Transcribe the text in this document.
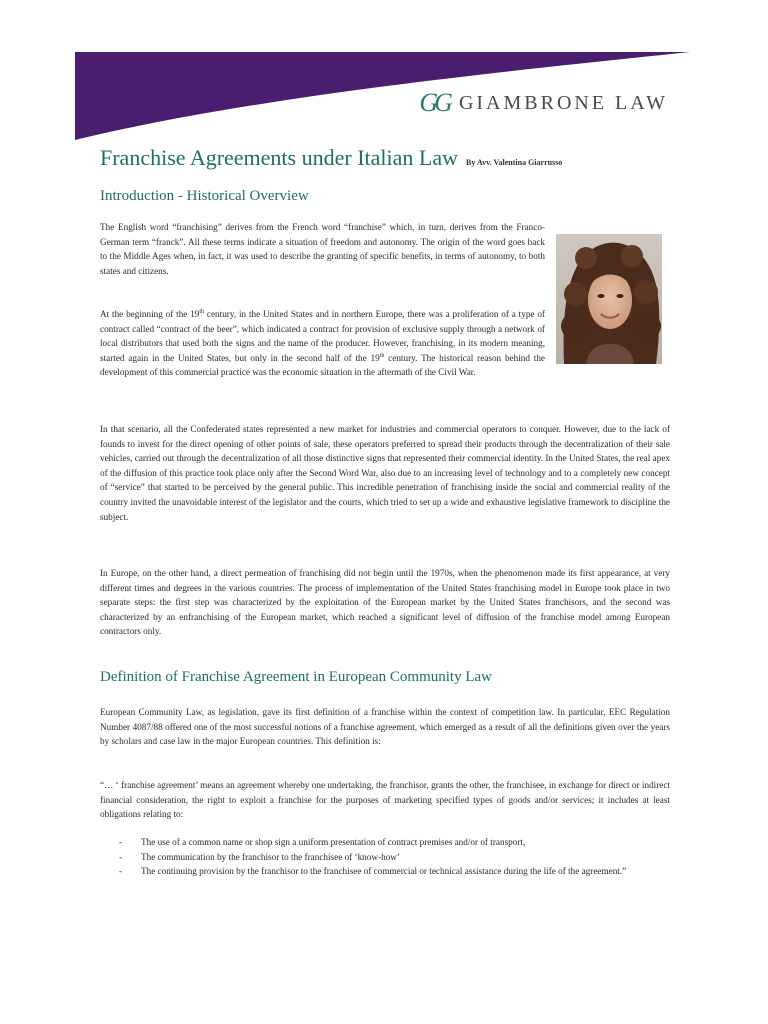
GG GIAMBRONE LAW
Franchise Agreements under Italian Law By Avv. Valentina Giarrusso
Introduction - Historical Overview

The English word “franchising” derives from the French word “franchise” which, in turn, derives from the Franco-German term “franck”. All these terms indicate a situation of freedom and autonomy. The origin of the word goes back to the Middle Ages when, in fact, it was used to describe the granting of specific benefits, in terms of autonomy, to both states and citizens.

At the beginning of the 19th century, in the United States and in northern Europe, there was a proliferation of a type of contract called “contract of the beer”, which indicated a contract for provision of exclusive supply through a network of local distributors that used both the signs and the name of the producer. However, franchising, in its modern meaning, started again in the United States, but only in the second half of the 19th century. The historical reason behind the development of this commercial practice was the economic situation in the aftermath of the Civil War.

In that scenario, all the Confederated states represented a new market for industries and commercial operators to conquer. However, due to the lack of founds to invest for the direct opening of other points of sale, these operators preferred to spread their products through the decentralization of their sale vehicles, carried out through the decentralization of all those distinctive signs that represented their commercial identity. In the United States, the real apex of the diffusion of this practice took place only after the Second Word War, also due to an increasing level of technology and to a completely new concept of “service” that started to be perceived by the general public. This incredible penetration of franchising inside the social and commercial reality of the country invited the unavoidable interest of the legislator and the courts, which tried to set up a wide and exhaustive legislative framework to discipline the subject.

In Europe, on the other hand, a direct permeation of franchising did not begin until the 1970s, when the phenomenon made its first appearance, at very different times and degrees in the various countries. The process of implementation of the United States franchising model in Europe took place in two separate steps: the first step was characterized by the exploitation of the European market by the United States franchisors, and the second was characterized by an enfranchising of the European market, which reached a significant level of diffusion of the franchise model among European contractors only.

Definition of Franchise Agreement in European Community Law

European Community Law, as legislation, gave its first definition of a franchise within the context of competition law. In particular, EEC Regulation Number 4087/88 offered one of the most successful notions of a franchise agreement, which emerged as a result of all the definitions given over the years by scholars and case law in the major European countries. This definition is:

“… ‘ franchise agreement’ means an agreement whereby one undertaking, the franchisor, grants the other, the franchisee, in exchange for direct or indirect financial consideration, the right to exploit a franchise for the purposes of marketing specified types of goods and/or services; it includes at least obligations relating to:

- The use of a common name or shop sign a uniform presentation of contract premises and/or of transport,
- The communication by the franchisor to the franchisee of ‘know-how’
- The continuing provision by the franchisor to the franchisee of commercial or technical assistance during the life of the agreement.”
